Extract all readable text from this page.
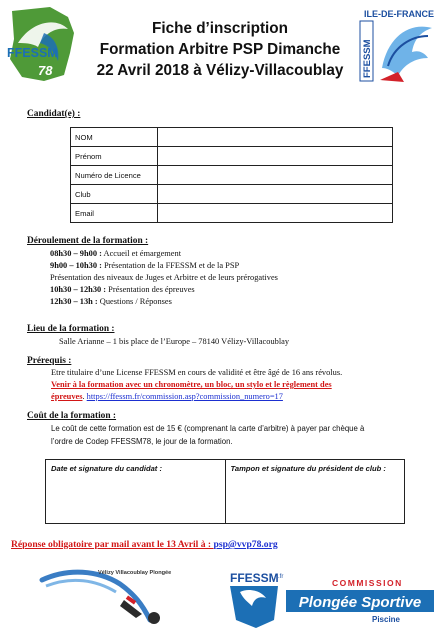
FFESSM
78
Fiche d’inscription
Formation Arbitre PSP Dimanche
22 Avril 2018 à Vélizy-Villacoublay
ILE-DE-FRANCE
FFESSM
Candidat(e) :
NOM	
Prénom	
Numéro de Licence	
Club	
Email	
Déroulement de la formation :
08h30 – 9h00 : Accueil et émargement
9h00 – 10h30 : Présentation de la FFESSM et de la PSP
Présentation des niveaux de Juges et Arbitre et de leurs prérogatives
10h30 – 12h30 : Présentation des épreuves
12h30 – 13h : Questions / Réponses
Lieu de la formation :
Salle Arianne – 1 bis place de l’Europe – 78140 Vélizy-Villacoublay
Prérequis :
Etre titulaire d’une License FFESSM en cours de validité et être âgé de 16 ans révolus.
Venir à la formation avec un chronomètre, un bloc, un stylo et le règlement des
épreuves. https://ffessm.fr/commission.asp?commission_numero=17
Coût de la formation :
Le coût de cette formation est de 15 € (comprenant la carte d’arbitre) à payer par chèque à
l’ordre de Codep FFESSM78, le jour de la formation.
Date et signature du candidat :	Tampon et signature du président de club :
Réponse obligatoire par mail avant le 13 Avril à : psp@vvp78.org
Vélizy Villacoublay Plongée	FFESSM .fr
COMMISSION
Plongée Sportive
Piscine
